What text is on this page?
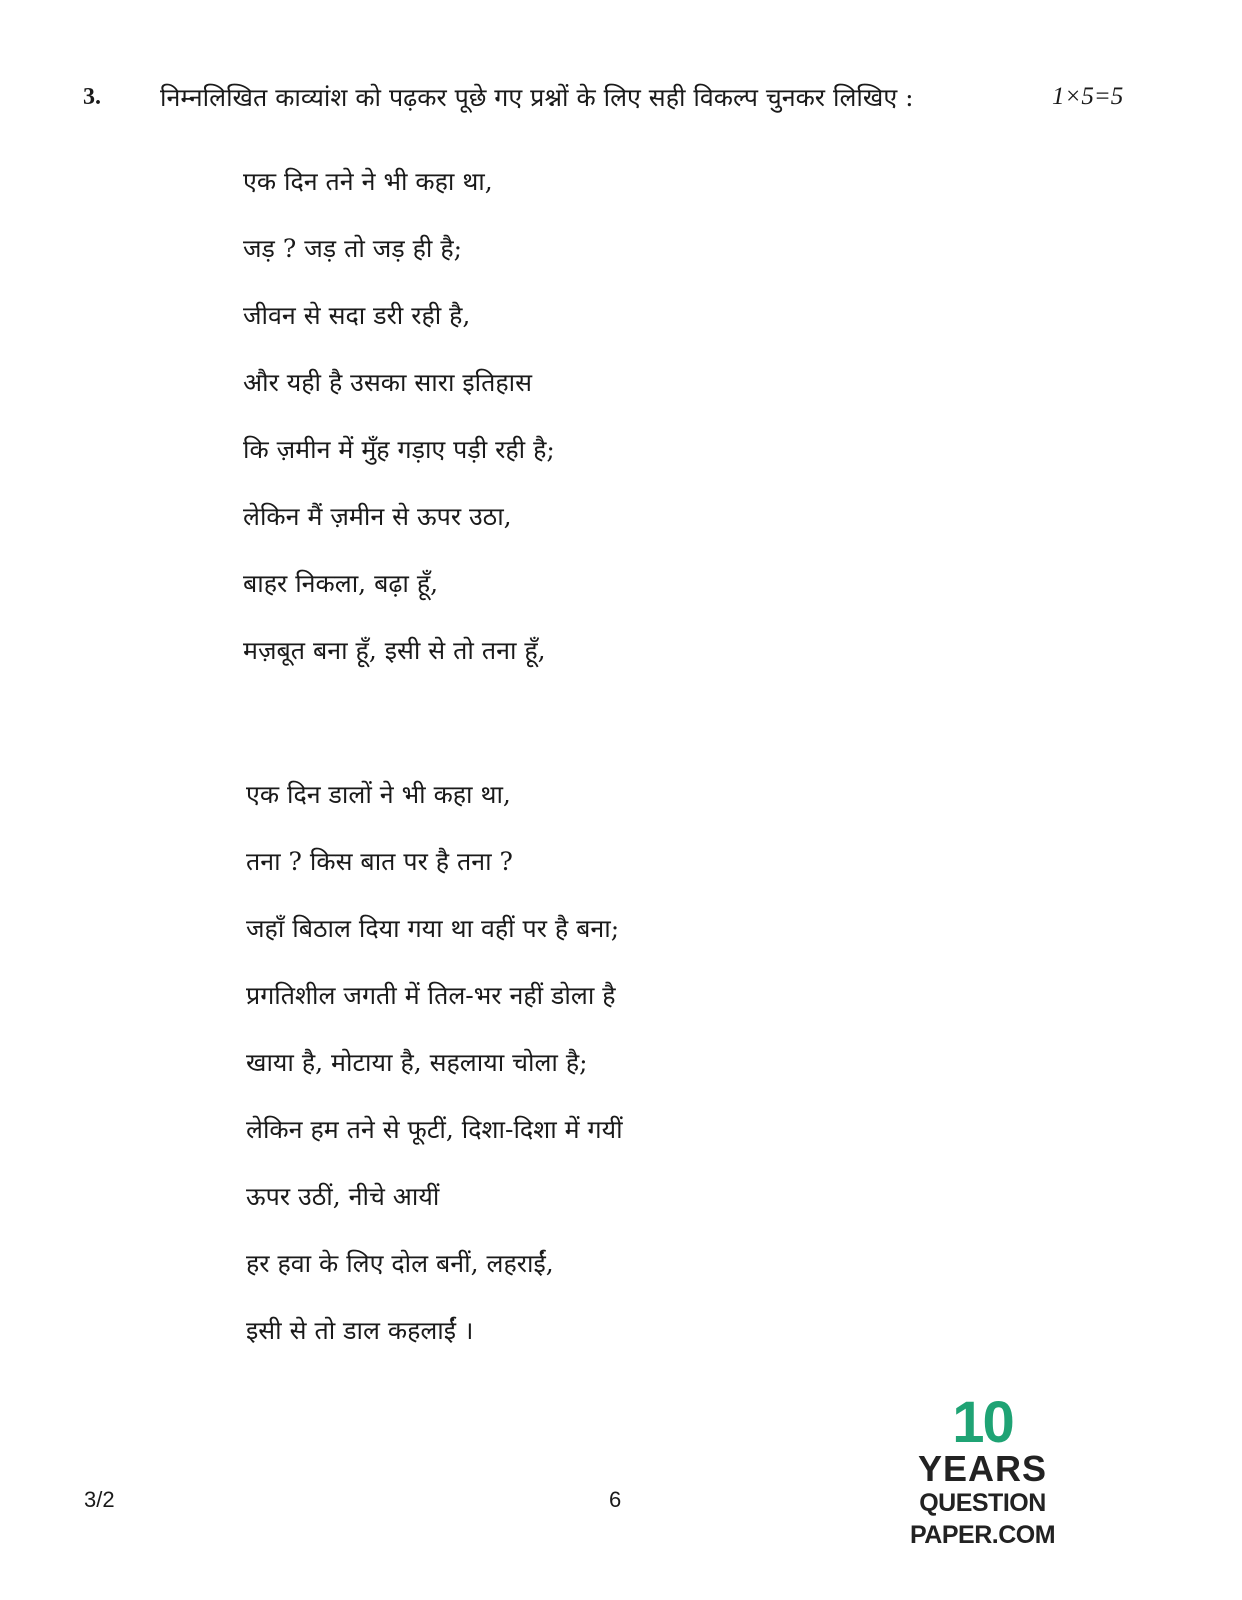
3. निम्नलिखित काव्यांश को पढ़कर पूछे गए प्रश्नों के लिए सही विकल्प चुनकर लिखिए :	1×5=5
एक दिन तने ने भी कहा था,
जड़ ? जड़ तो जड़ ही है;
जीवन से सदा डरी रही है,
और यही है उसका सारा इतिहास
कि ज़मीन में मुँह गड़ाए पड़ी रही है;
लेकिन मैं ज़मीन से ऊपर उठा,
बाहर निकला, बढ़ा हूँ,
मज़बूत बना हूँ, इसी से तो तना हूँ,
एक दिन डालों ने भी कहा था,
तना ? किस बात पर है तना ?
जहाँ बिठाल दिया गया था वहीं पर है बना;
प्रगतिशील जगती में तिल-भर नहीं डोला है
खाया है, मोटाया है, सहलाया चोला है;
लेकिन हम तने से फूटीं, दिशा-दिशा में गयीं
ऊपर उठीं, नीचे आयीं
हर हवा के लिए दोल बनीं, लहराईं,
इसी से तो डाल कहलाईं ।
3/2	6
10
YEARS
QUESTION PAPER.COM
